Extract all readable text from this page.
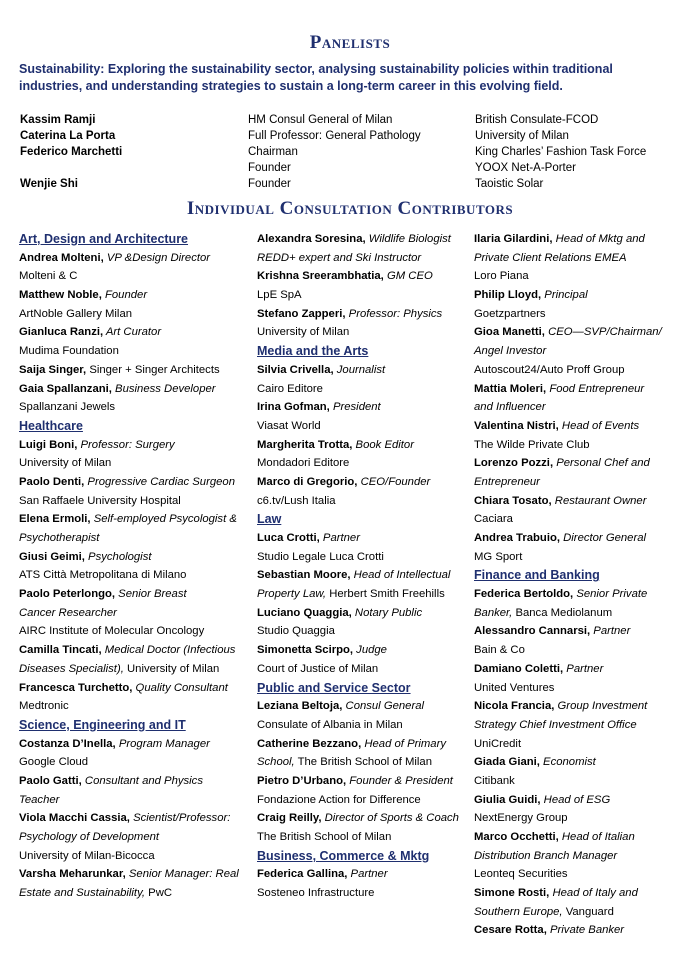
Panelists
Sustainability: Exploring the sustainability sector, analysing sustainability policies within traditional industries, and understanding strategies to sustain a long-term career in this evolving field.
Kassim Ramji
Caterina La Porta
Federico Marchetti
Wenjie Shi
HM Consul General of Milan
Full Professor: General Pathology
Chairman
Founder
Founder
British Consulate-FCOD
University of Milan
King Charles’ Fashion Task Force
YOOX Net-A-Porter
Taoistic Solar
Individual Consultation Contributors
Art, Design and Architecture
Andrea Molteni, VP &Design Director
Molteni & C
Matthew Noble, Founder
ArtNoble Gallery Milan
Gianluca Ranzi, Art Curator
Mudima Foundation
Saija Singer, Singer + Singer Architects
Gaia Spallanzani, Business Developer
Spallanzani Jewels
Healthcare
Luigi Boni, Professor: Surgery
University of Milan
Paolo Denti, Progressive Cardiac Surgeon
San Raffaele University Hospital
Elena Ermoli, Self-employed Psycologist &
Psychotherapist
Giusi Geimi, Psychologist
ATS Città Metropolitana di Milano
Paolo Peterlongo, Senior Breast
Cancer Researcher
AIRC Institute of Molecular Oncology
Camilla Tincati, Medical Doctor (Infectious
Diseases Specialist), University of Milan
Francesca Turchetto, Quality Consultant
Medtronic
Science, Engineering and IT
Costanza D’Inella, Program Manager
Google Cloud
Paolo Gatti, Consultant and Physics
Teacher
Viola Macchi Cassia, Scientist/Professor:
Psychology of Development
University of Milan-Bicocca
Varsha Meharunkar, Senior Manager: Real
Estate and Sustainability, PwC
Alexandra Soresina, Wildlife Biologist
REDD+ expert and Ski Instructor
Krishna Sreerambhatia, GM CEO
LpE SpA
Stefano Zapperi, Professor: Physics
University of Milan
Media and the Arts
Silvia Crivella, Journalist
Cairo Editore
Irina Gofman, President
Viasat World
Margherita Trotta, Book Editor
Mondadori Editore
Marco di Gregorio, CEO/Founder
c6.tv/Lush Italia
Law
Luca Crotti, Partner
Studio Legale Luca Crotti
Sebastian Moore, Head of Intellectual
Property Law, Herbert Smith Freehills
Luciano Quaggia, Notary Public
Studio Quaggia
Simonetta Scirpo, Judge
Court of Justice of Milan
Public and Service Sector
Leziana Beltoja, Consul General
Consulate of Albania in Milan
Catherine Bezzano, Head of Primary
School, The British School of Milan
Pietro D’Urbano, Founder & President
Fondazione Action for Difference
Craig Reilly, Director of Sports & Coach
The British School of Milan
Business, Commerce & Mktg
Federica Gallina, Partner
Sosteneo Infrastructure
Ilaria Gilardini, Head of Mktg and
Private Client Relations EMEA
Loro Piana
Philip Lloyd, Principal
Goetzpartners
Gioa Manetti, CEO—SVP/Chairman/
Angel Investor
Autoscout24/Auto Proff Group
Mattia Moleri, Food Entrepreneur
and Influencer
Valentina Nistri, Head of Events
The Wilde Private Club
Lorenzo Pozzi, Personal Chef and
Entrepreneur
Chiara Tosato, Restaurant Owner
Caciara
Andrea Trabuio, Director General
MG Sport
Finance and Banking
Federica Bertoldo, Senior Private
Banker, Banca Mediolanum
Alessandro Cannarsi, Partner
Bain & Co
Damiano Coletti, Partner
United Ventures
Nicola Francia, Group Investment
Strategy Chief Investment Office
UniCredit
Giada Giani, Economist
Citibank
Giulia Guidi, Head of ESG
NextEnergy Group
Marco Occhetti, Head of Italian
Distribution Branch Manager
Leonteq Securities
Simone Rosti, Head of Italy and
Southern Europe, Vanguard
Cesare Rotta, Private Banker
